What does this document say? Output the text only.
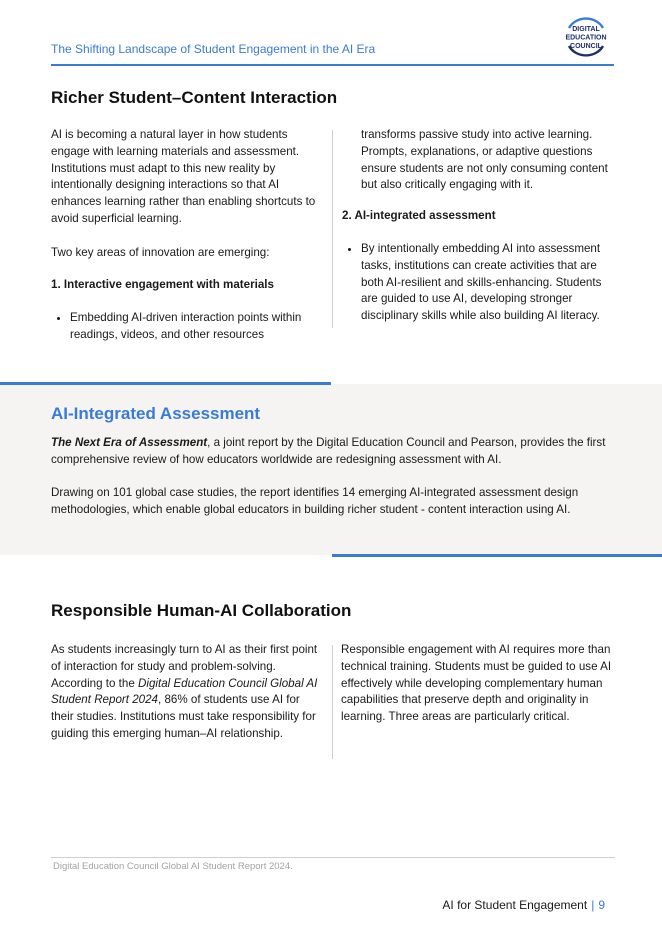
The Shifting Landscape of Student Engagement in the AI Era
DIGITAL
EDUCATION
COUNCIL
Richer Student–Content Interaction

AI is becoming a natural layer in how students engage with learning materials and assessment. Institutions must adapt to this new reality by intentionally designing interactions so that AI enhances learning rather than enabling shortcuts to avoid superficial learning.

Two key areas of innovation are emerging:

1. Interactive engagement with materials

• Embedding AI-driven interaction points within readings, videos, and other resources

transforms passive study into active learning. Prompts, explanations, or adaptive questions ensure students are not only consuming content but also critically engaging with it.

2. AI-integrated assessment

• By intentionally embedding AI into assessment tasks, institutions can create activities that are both AI-resilient and skills-enhancing. Students are guided to use AI, developing stronger disciplinary skills while also building AI literacy.
AI-Integrated Assessment

The Next Era of Assessment, a joint report by the Digital Education Council and Pearson, provides the first comprehensive review of how educators worldwide are redesigning assessment with AI.

Drawing on 101 global case studies, the report identifies 14 emerging AI-integrated assessment design methodologies, which enable global educators in building richer student - content interaction using AI.

Responsible Human-AI Collaboration

As students increasingly turn to AI as their first point of interaction for study and problem-solving. According to the Digital Education Council Global AI Student Report 2024, 86% of students use AI for their studies. Institutions must take responsibility for guiding this emerging human–AI relationship.

Responsible engagement with AI requires more than technical training. Students must be guided to use AI effectively while developing complementary human capabilities that preserve depth and originality in learning. Three areas are particularly critical.

Digital Education Council Global AI Student Report 2024.
AI for Student Engagement | 9
